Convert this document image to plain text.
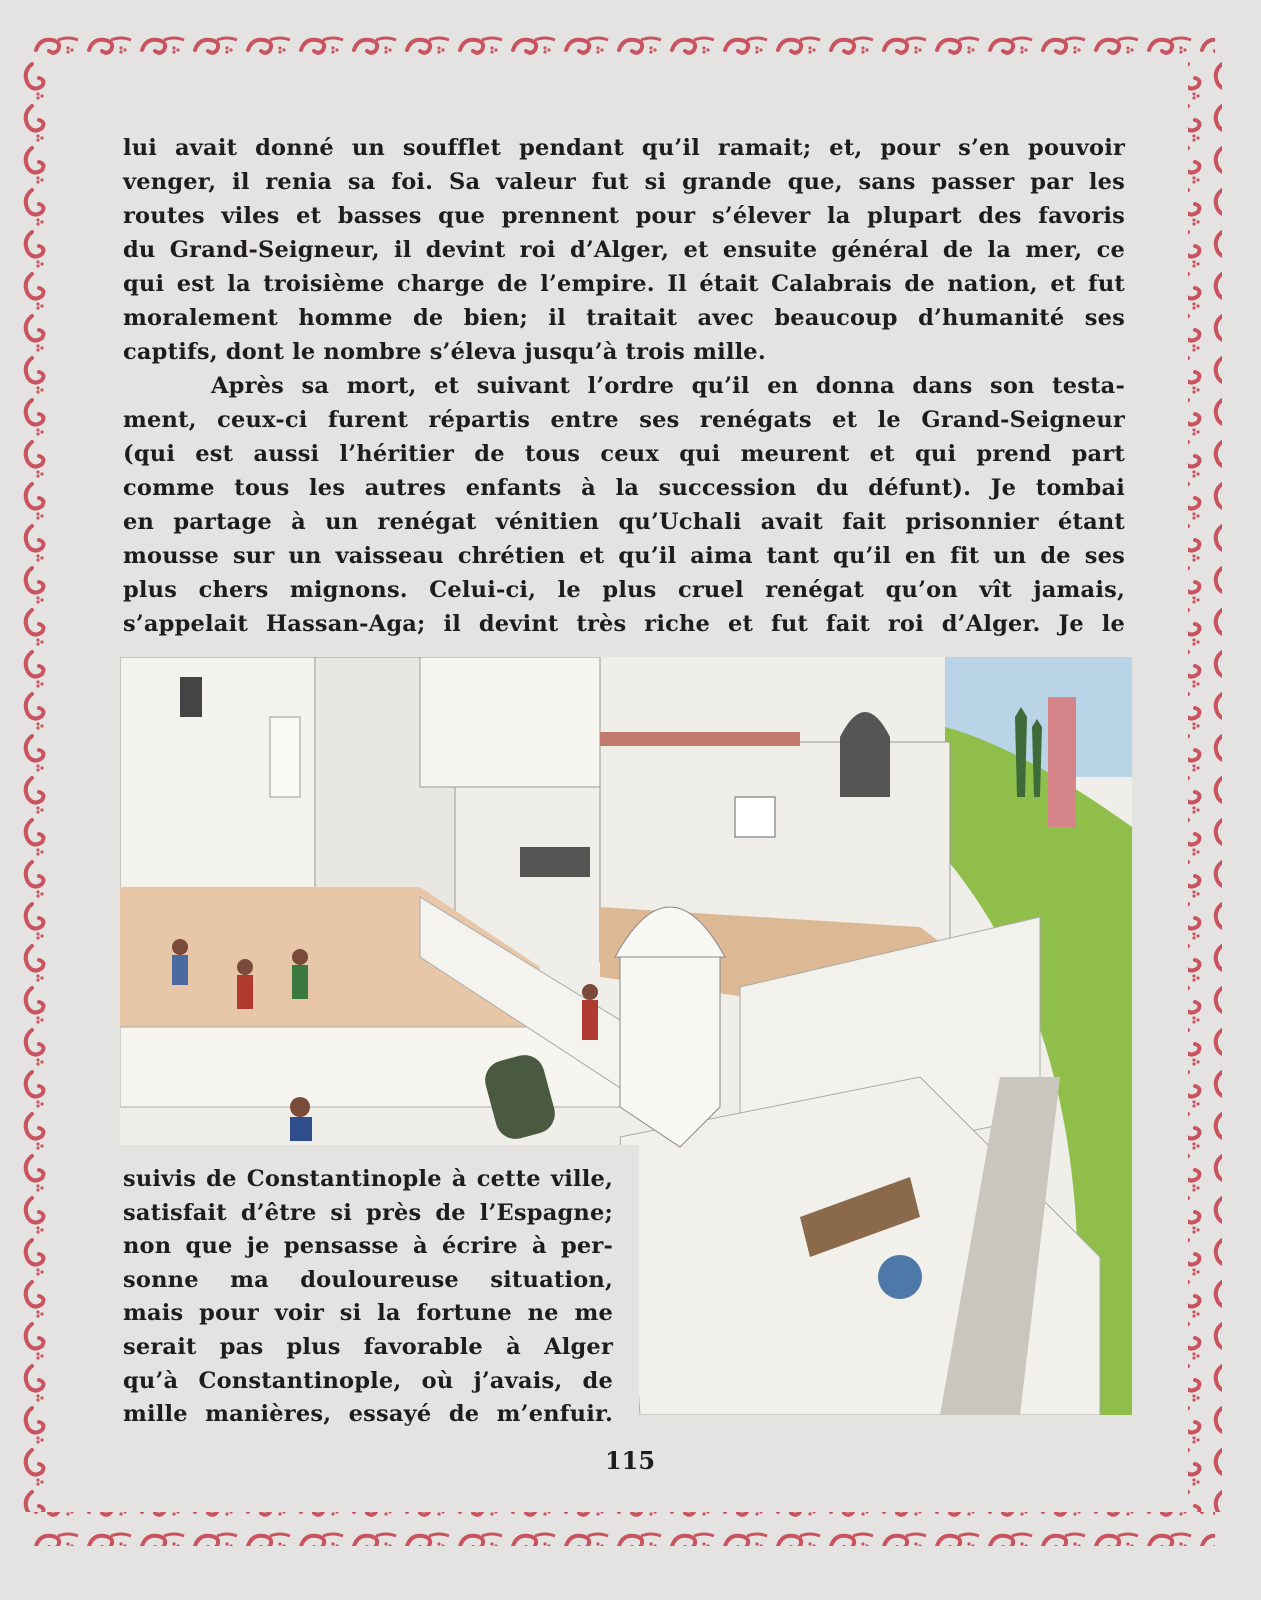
lui avait donné un soufflet pendant qu’il ramait; et, pour s’en pouvoir
venger, il renia sa foi. Sa valeur fut si grande que, sans passer par les
routes viles et basses que prennent pour s’élever la plupart des favoris
du Grand-Seigneur, il devint roi d’Alger, et ensuite général de la mer, ce
qui est la troisième charge de l’empire. Il était Calabrais de nation, et fut
moralement homme de bien; il traitait avec beaucoup d’humanité ses
captifs, dont le nombre s’éleva jusqu’à trois mille.
Après sa mort, et suivant l’ordre qu’il en donna dans son testa-
ment, ceux-ci furent répartis entre ses renégats et le Grand-Seigneur
(qui est aussi l’héritier de tous ceux qui meurent et qui prend part
comme tous les autres enfants à la succession du défunt). Je tombai
en partage à un renégat vénitien qu’Uchali avait fait prisonnier étant
mousse sur un vaisseau chrétien et qu’il aima tant qu’il en fit un de ses
plus chers mignons. Celui-ci, le plus cruel renégat qu’on vît jamais,
s’appelait Hassan-Aga; il devint très riche et fut fait roi d’Alger. Je le
suivis de Constantinople à cette ville,
satisfait d’être si près de l’Espagne;
non que je pensasse à écrire à per-
sonne ma douloureuse situation,
mais pour voir si la fortune ne me
serait pas plus favorable à Alger
qu’à Constantinople, où j’avais, de
mille manières, essayé de m’enfuir.
115
